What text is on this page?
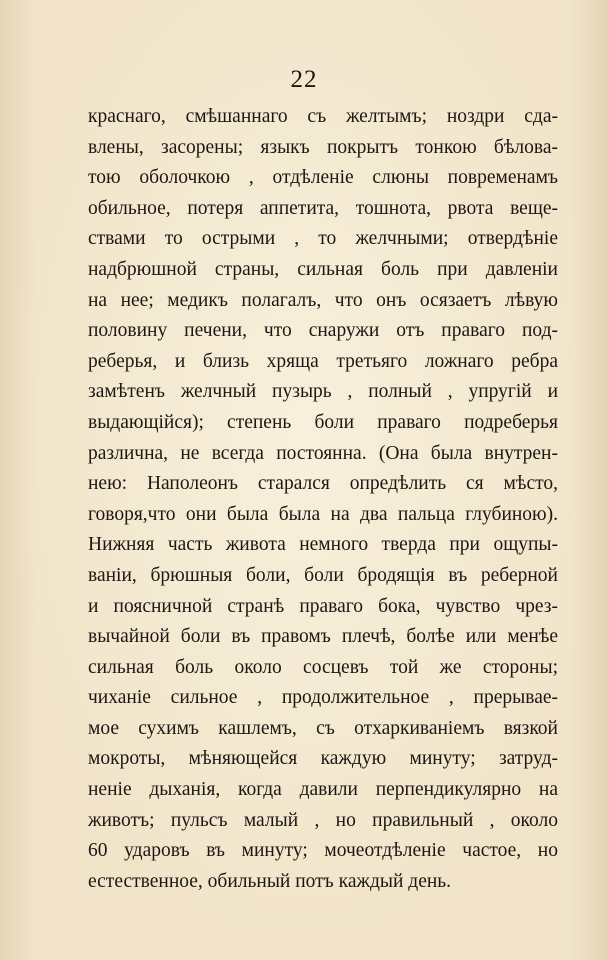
22
краснаго, смѣшаннаго съ желтымъ; ноздри сда-
влены, засорены; языкъ покрытъ тонкою бѣлова-
тою оболочкою , отдѣленіе слюны повременамъ
обильное, потеря аппетита, тошнота, рвота веще-
ствами то острыми , то желчными; отвердѣніе
надбрюшной страны, сильная боль при давленіи
на нее; медикъ полагалъ, что онъ осязаетъ лѣвую
половину печени, что снаружи отъ праваго под-
реберья, и близь хряща третьяго ложнаго ребра
замѣтенъ желчный пузырь , полный , упругій и
выдающійся); степень боли праваго подреберья
различна, не всегда постоянна. (Она была внутрен-
нею: Наполеонъ старался опредѣлить ся мѣсто,
говоря,что они была была на два пальца глубиною).
Нижняя часть живота немного тверда при ощупы-
ваніи, брюшныя боли, боли бродящія въ реберной
и поясничной странѣ праваго бока, чувство чрез-
вычайной боли въ правомъ плечѣ, болѣе или менѣе
сильная боль около сосцевъ той же стороны;
чиханіе сильное , продолжительное , прерывае-
мое сухимъ кашлемъ, съ отхаркиваніемъ вязкой
мокроты, мѣняющейся каждую минуту; затруд-
неніе дыханія, когда давили перпендикулярно на
животъ; пульсъ малый , но правильный , около
60 ударовъ въ минуту; мочеотдѣленіе частое, но
естественное, обильный потъ каждый день.
